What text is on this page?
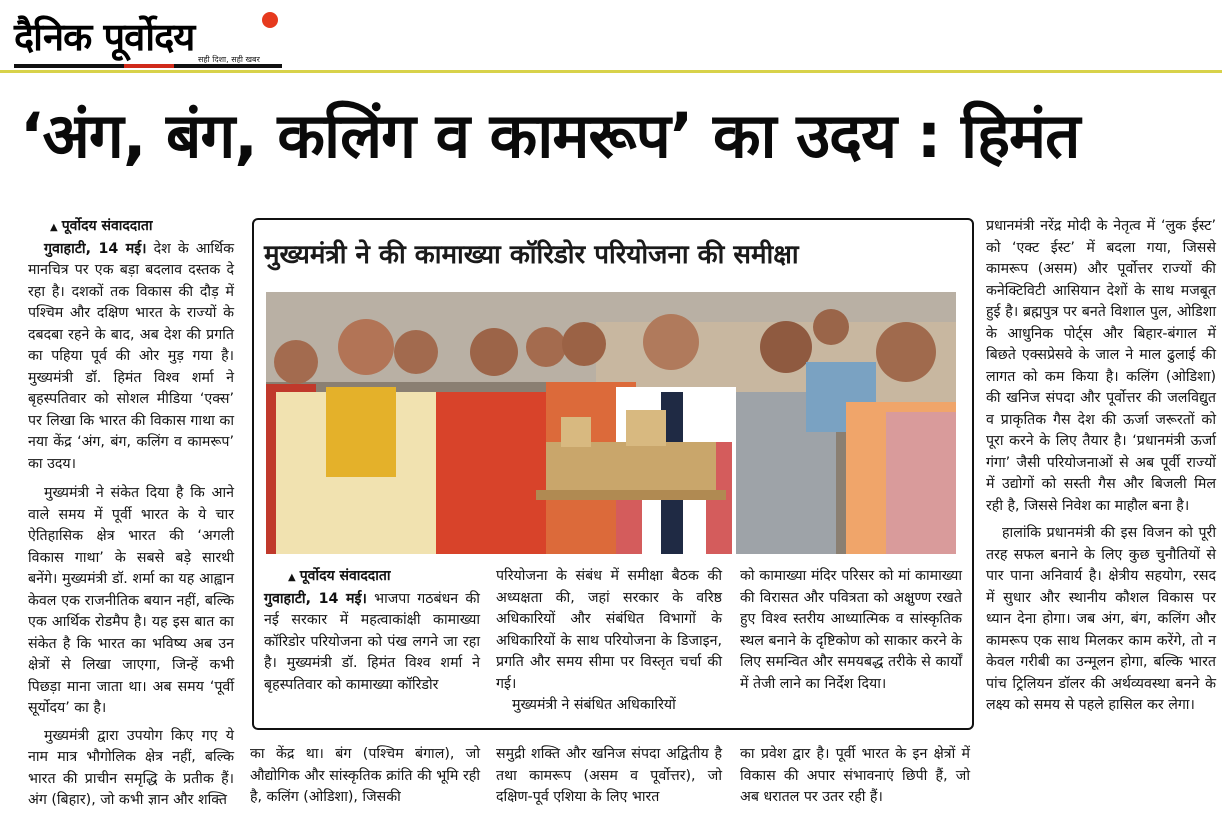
दैनिक पूर्वोदय
सही दिशा, सही खबर
‘अंग, बंग, कलिंग व कामरूप’ का उदय : हिमंत

▲ पूर्वोदय संवाददाता

गुवाहाटी, 14 मई। देश के आर्थिक मानचित्र पर एक बड़ा बदलाव दस्तक दे रहा है। दशकों तक विकास की दौड़ में पश्चिम और दक्षिण भारत के राज्यों के दबदबा रहने के बाद, अब देश की प्रगति का पहिया पूर्व की ओर मुड़ गया है। मुख्यमंत्री डॉ. हिमंत विश्व शर्मा ने बृहस्पतिवार को सोशल मीडिया ‘एक्स’ पर लिखा कि भारत की विकास गाथा का नया केंद्र ‘अंग, बंग, कलिंग व कामरूप’ का उदय।

मुख्यमंत्री ने संकेत दिया है कि आने वाले समय में पूर्वी भारत के ये चार ऐतिहासिक क्षेत्र भारत की ‘अगली विकास गाथा’ के सबसे बड़े सारथी बनेंगे। मुख्यमंत्री डॉ. शर्मा का यह आह्वान केवल एक राजनीतिक बयान नहीं, बल्कि एक आर्थिक रोडमैप है। यह इस बात का संकेत है कि भारत का भविष्य अब उन क्षेत्रों से लिखा जाएगा, जिन्हें कभी पिछड़ा माना जाता था। अब समय ‘पूर्वी सूर्योदय’ का है।

मुख्यमंत्री द्वारा उपयोग किए गए ये नाम मात्र भौगोलिक क्षेत्र नहीं, बल्कि भारत की प्राचीन समृद्धि के प्रतीक हैं। अंग (बिहार), जो कभी ज्ञान और शक्ति

मुख्यमंत्री ने की कामाख्या कॉरिडोर परियोजना की समीक्षा

▲ पूर्वोदय संवाददाता

गुवाहाटी, 14 मई। भाजपा गठबंधन की नई सरकार में महत्वाकांक्षी कामाख्या कॉरिडोर परियोजना को पंख लगने जा रहा है। मुख्यमंत्री डॉ. हिमंत विश्व शर्मा ने बृहस्पतिवार को कामाख्या कॉरिडोर

परियोजना के संबंध में समीक्षा बैठक की अध्यक्षता की, जहां सरकार के वरिष्ठ अधिकारियों और संबंधित विभागों के अधिकारियों के साथ परियोजना के डिजाइन, प्रगति और समय सीमा पर विस्तृत चर्चा की गई।

मुख्यमंत्री ने संबंधित अधिकारियों

को कामाख्या मंदिर परिसर को मां कामाख्या की विरासत और पवित्रता को अक्षुण्ण रखते हुए विश्व स्तरीय आध्यात्मिक व सांस्कृतिक स्थल बनाने के दृष्टिकोण को साकार करने के लिए समन्वित और समयबद्ध तरीके से कार्यों में तेजी लाने का निर्देश दिया।

का केंद्र था। बंग (पश्चिम बंगाल), जो औद्योगिक और सांस्कृतिक क्रांति की भूमि रही है, कलिंग (ओडिशा), जिसकी

समुद्री शक्ति और खनिज संपदा अद्वितीय है तथा कामरूप (असम व पूर्वोत्तर), जो दक्षिण-पूर्व एशिया के लिए भारत

का प्रवेश द्वार है। पूर्वी भारत के इन क्षेत्रों में विकास की अपार संभावनाएं छिपी हैं, जो अब धरातल पर उतर रही हैं।

प्रधानमंत्री नरेंद्र मोदी के नेतृत्व में ‘लुक ईस्ट’ को ‘एक्ट ईस्ट’ में बदला गया, जिससे कामरूप (असम) और पूर्वोत्तर राज्यों की कनेक्टिविटी आसियान देशों के साथ मजबूत हुई है। ब्रह्मपुत्र पर बनते विशाल पुल, ओडिशा के आधुनिक पोर्ट्स और बिहार-बंगाल में बिछते एक्सप्रेसवे के जाल ने माल ढुलाई की लागत को कम किया है। कलिंग (ओडिशा) की खनिज संपदा और पूर्वोत्तर की जलविद्युत व प्राकृतिक गैस देश की ऊर्जा जरूरतों को पूरा करने के लिए तैयार है। ‘प्रधानमंत्री ऊर्जा गंगा’ जैसी परियोजनाओं से अब पूर्वी राज्यों में उद्योगों को सस्ती गैस और बिजली मिल रही है, जिससे निवेश का माहौल बना है।

हालांकि प्रधानमंत्री की इस विजन को पूरी तरह सफल बनाने के लिए कुछ चुनौतियों से पार पाना अनिवार्य है। क्षेत्रीय सहयोग, रसद में सुधार और स्थानीय कौशल विकास पर ध्यान देना होगा। जब अंग, बंग, कलिंग और कामरूप एक साथ मिलकर काम करेंगे, तो न केवल गरीबी का उन्मूलन होगा, बल्कि भारत पांच ट्रिलियन डॉलर की अर्थव्यवस्था बनने के लक्ष्य को समय से पहले हासिल कर लेगा।
